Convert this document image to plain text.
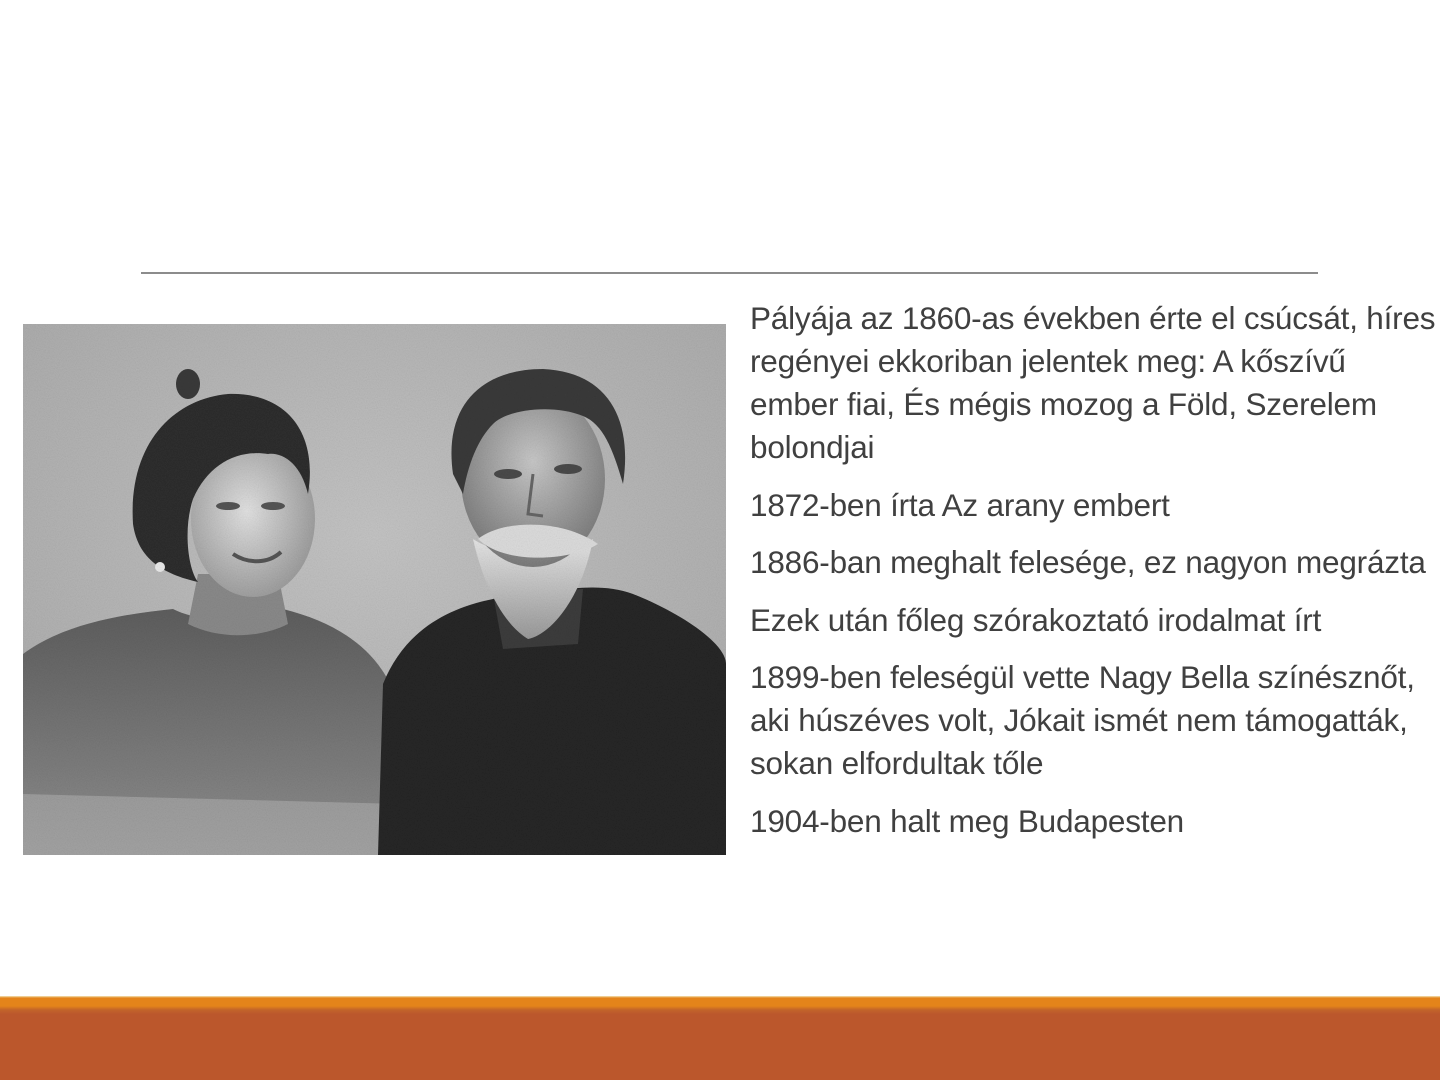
Pályája az 1860-as években érte el csúcsát, híres regényei ekkoriban jelentek meg: A kőszívű ember fiai, És mégis mozog a Föld, Szerelem bolondjai
1872-ben írta Az arany embert
1886-ban meghalt felesége, ez nagyon megrázta
Ezek után főleg szórakoztató irodalmat írt
1899-ben feleségül vette Nagy Bella színésznőt, aki húszéves volt, Jókait ismét nem támogatták, sokan elfordultak tőle
1904-ben halt meg Budapesten
